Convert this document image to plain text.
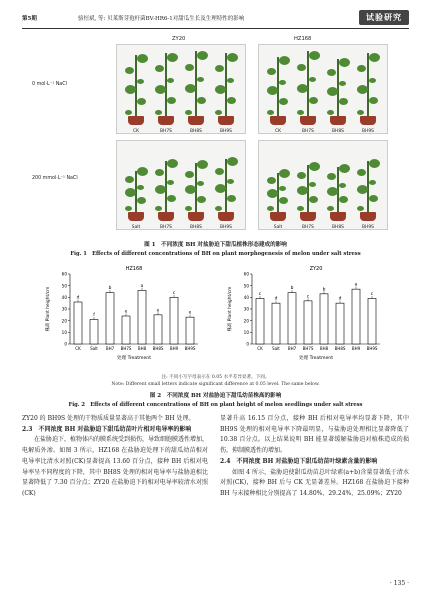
第5期	骆恒斌, 等: 贝莱斯芽孢杆菌BV-HR6-1对甜瓜生长及生理特性的影响	试验研究
ZY20	HZ168
0 mol·L⁻¹ NaCl
200 mmol·L⁻¹ NaCl
CK	BH7S	BH8S	BH9S	CK	BH7S	BH8S	BH9S
Salt	BH7S	BH8S	BH9S	Salt	BH7S	BH8S	BH9S
图 1　不同浓度 BH 对盐胁迫下甜瓜植株形态建成的影响
Fig. 1　Effects of different concentrations of BH on plant morphogenesis of melon under salt stress
HZ168
0
10
20
30
40
50
60
株高 Plant height/cm	d
CK
f
Salt
b
BH7
e
BH7S
a
BH8
e
BH8S
c
BH9
e
BH9S
处理 Treatment
ZY20
0
10
20
30
40
50
60
株高 Plant height/cm	c
CK
d
Salt
b
BH7
c
BH7S
b
BH8
d
BH8S
a
BH9
c
BH9S
处理 Treatment
注: 不同小写字母表示在 0.05 水平差异显著。下同。
Note: Different small letters indicate significant difference at 0.05 level. The same below.
图 2　不同浓度 BH 对盐胁迫下甜瓜幼苗株高的影响
Fig. 2　Effects of different concentrations of BH on plant height of melon seedlings under salt stress

ZY20 的 BH9S 处理的干物质质量显著高于其他两个 BH 处理。

2.3　不同浓度 BH 对盐胁迫下甜瓜幼苗叶片相对电导率的影响

在盐胁迫下，植物体内的膜系统受到损伤，导致细胞膜透性增加，电解质外渗。如图 3 所示，HZ168 在盐胁迫处理下的甜瓜幼苗相对电导率比清水对照(CK)显著提高 13.60 百分点，接种 BH 后相对电导率呈不同程度的下降，其中 BH8S 处理的相对电导率与盐胁迫相比显著降低了 7.30 百分点；ZY20 在盐胁迫下的相对电导率较清水对照(CK)

显著升高 16.15 百分点，接种 BH 后相对电导率均显著下降，其中 BH9S 处理的相对电导率下降最明显，与盐胁迫处理相比显著降低了 10.38 百分点。以上结果说明 BH 能显著缓解盐胁迫对植株造成的损伤，抑制膜透性的增加。

2.4　不同浓度 BH 对盐胁迫下甜瓜幼苗叶绿素含量的影响

如图 4 所示，盐胁迫使甜瓜幼苗总叶绿素(a+b)含量显著低于清水对照(CK)，接种 BH 后与 CK 无显著差异。HZ168 在盐胁迫下接种 BH 与未接种相比分别提高了 14.80%、29.24%、25.09%；ZY20

· 135 ·
